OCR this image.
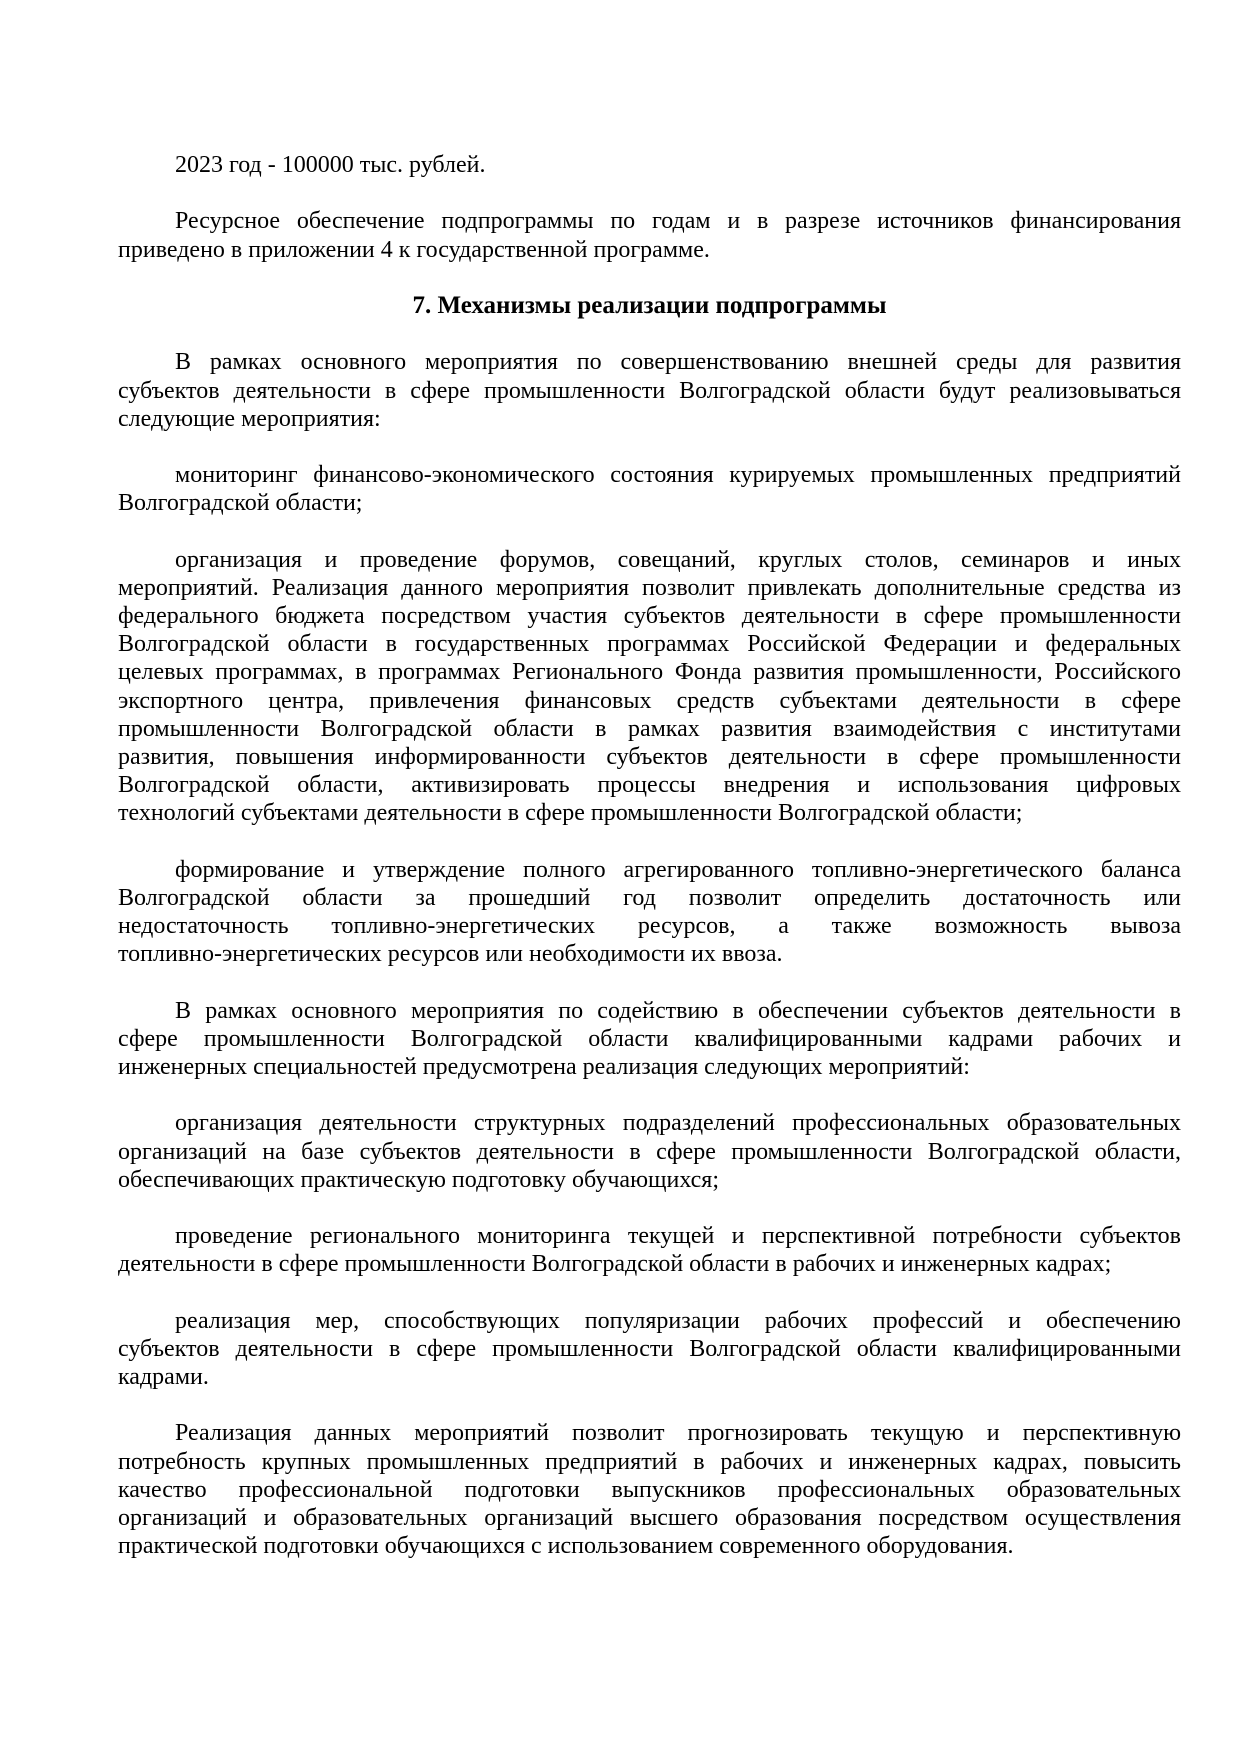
2023 год - 100000 тыс. рублей.
Ресурсное обеспечение подпрограммы по годам и в разрезе источников финансирования
приведено в приложении 4 к государственной программе.
7. Механизмы реализации подпрограммы
В рамках основного мероприятия по совершенствованию внешней среды для развития
субъектов деятельности в сфере промышленности Волгоградской области будут реализовываться
следующие мероприятия:
мониторинг финансово-экономического состояния курируемых промышленных предприятий
Волгоградской области;
организация и проведение форумов, совещаний, круглых столов, семинаров и иных
мероприятий. Реализация данного мероприятия позволит привлекать дополнительные средства из
федерального бюджета посредством участия субъектов деятельности в сфере промышленности
Волгоградской области в государственных программах Российской Федерации и федеральных
целевых программах, в программах Регионального Фонда развития промышленности, Российского
экспортного центра, привлечения финансовых средств субъектами деятельности в сфере
промышленности Волгоградской области в рамках развития взаимодействия с институтами
развития, повышения информированности субъектов деятельности в сфере промышленности
Волгоградской области, активизировать процессы внедрения и использования цифровых
технологий субъектами деятельности в сфере промышленности Волгоградской области;
формирование и утверждение полного агрегированного топливно-энергетического баланса
Волгоградской области за прошедший год позволит определить достаточность или
недостаточность топливно-энергетических ресурсов, а также возможность вывоза
топливно-энергетических ресурсов или необходимости их ввоза.
В рамках основного мероприятия по содействию в обеспечении субъектов деятельности в
сфере промышленности Волгоградской области квалифицированными кадрами рабочих и
инженерных специальностей предусмотрена реализация следующих мероприятий:
организация деятельности структурных подразделений профессиональных образовательных
организаций на базе субъектов деятельности в сфере промышленности Волгоградской области,
обеспечивающих практическую подготовку обучающихся;
проведение регионального мониторинга текущей и перспективной потребности субъектов
деятельности в сфере промышленности Волгоградской области в рабочих и инженерных кадрах;
реализация мер, способствующих популяризации рабочих профессий и обеспечению
субъектов деятельности в сфере промышленности Волгоградской области квалифицированными
кадрами.
Реализация данных мероприятий позволит прогнозировать текущую и перспективную
потребность крупных промышленных предприятий в рабочих и инженерных кадрах, повысить
качество профессиональной подготовки выпускников профессиональных образовательных
организаций и образовательных организаций высшего образования посредством осуществления
практической подготовки обучающихся с использованием современного оборудования.
